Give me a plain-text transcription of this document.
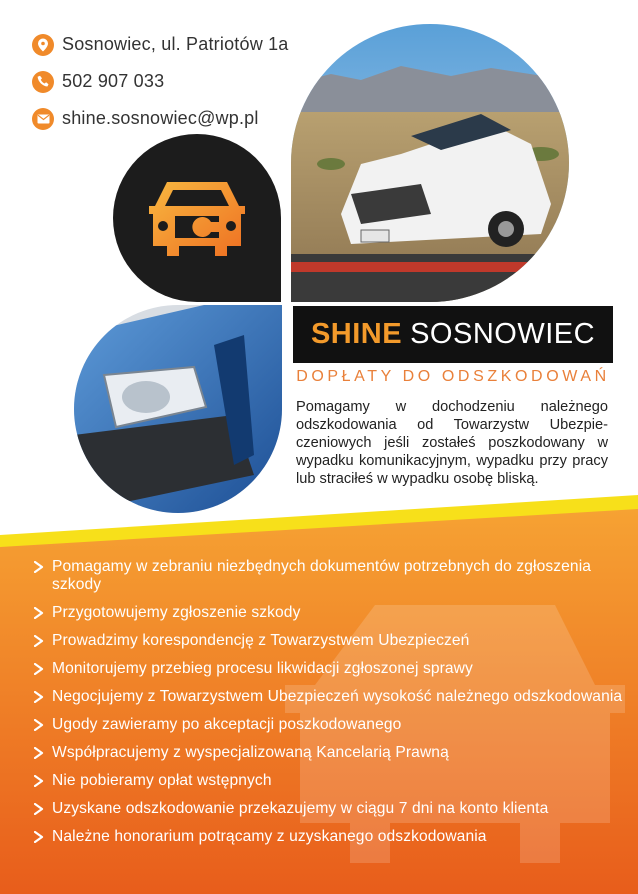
Sosnowiec, ul. Patriotów 1a
502 907 033
shine.sosnowiec@wp.pl
SHINE SOSNOWIEC
DOPŁATY DO ODSZKODOWAŃ
Pomagamy w dochodzeniu należnego odszkodowania od Towarzystw Ubezpie-czeniowych jeśli zostałeś poszkodowany w wypadku komunikacyjnym, wypadku przy pracy lub straciłeś w wypadku osobę bliską.
Pomagamy w zebraniu niezbędnych dokumentów potrzebnych do zgłoszenia szkody
Przygotowujemy zgłoszenie szkody
Prowadzimy korespondencję z Towarzystwem Ubezpieczeń
Monitorujemy przebieg procesu likwidacji zgłoszonej sprawy
Negocjujemy z Towarzystwem Ubezpieczeń wysokość należnego odszkodowania
Ugody zawieramy po akceptacji poszkodowanego
Współpracujemy z wyspecjalizowaną Kancelarią Prawną
Nie pobieramy opłat wstępnych
Uzyskane odszkodowanie przekazujemy w ciągu 7 dni na konto klienta
Należne honorarium potrącamy z uzyskanego odszkodowania
